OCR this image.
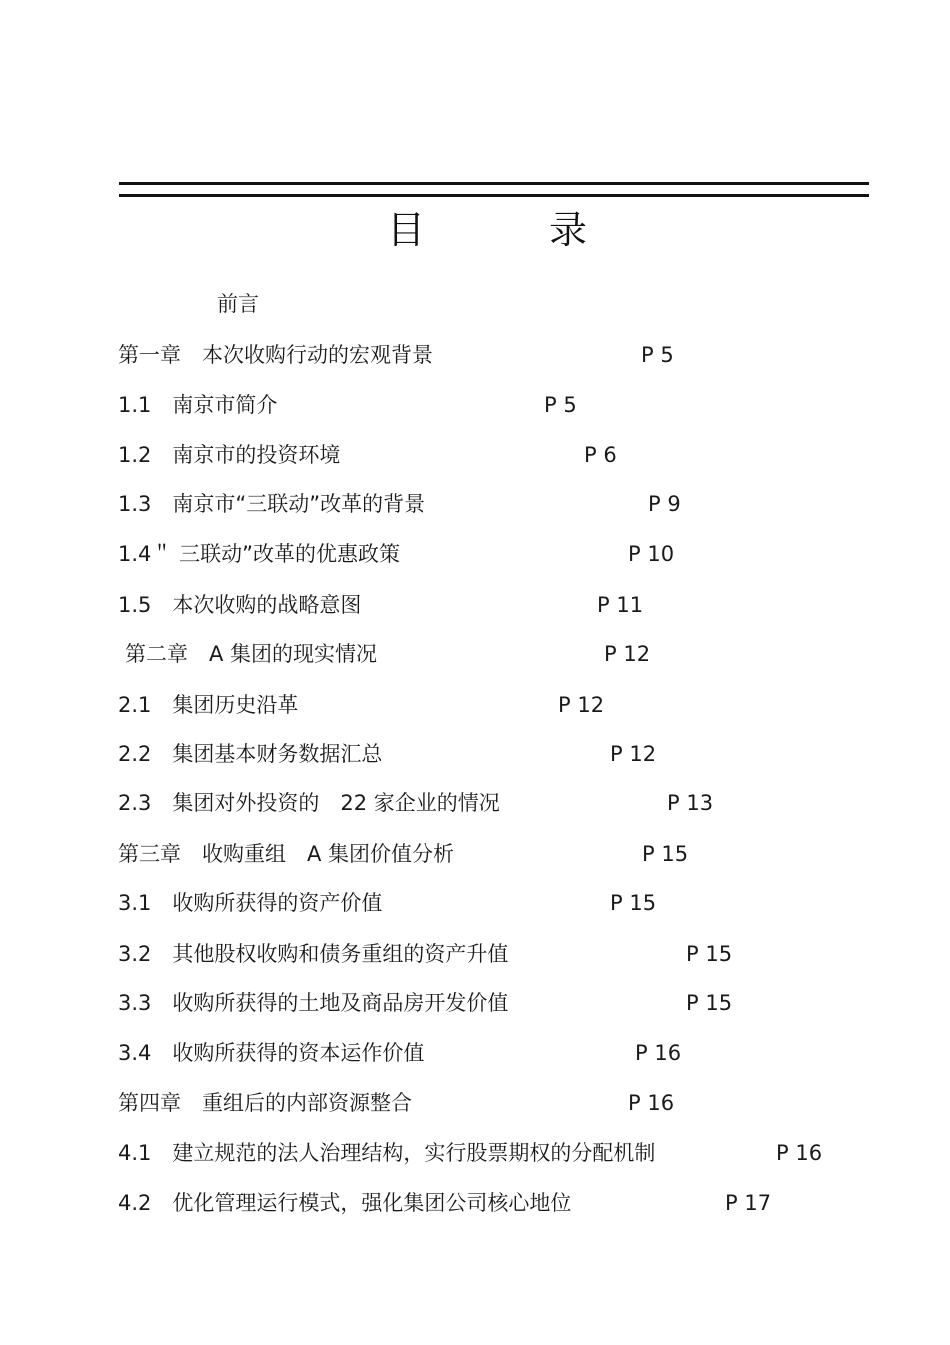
目	录
前言
第一章　本次收购行动的宏观背景	P 5
1.1　南京市简介	P 5
1.2　南京市的投资环境	P 6
1.3　南京市“三联动”改革的背景	P 9
1.4＂ 三联动”改革的优惠政策	P 10
1.5　本次收购的战略意图	P 11
第二章　A 集团的现实情况	P 12
2.1　集团历史沿革	P 12
2.2　集团基本财务数据汇总	P 12
2.3　集团对外投资的　22 家企业的情况	P 13
第三章　收购重组　A 集团价值分析	P 15
3.1　收购所获得的资产价值	P 15
3.2　其他股权收购和债务重组的资产升值	P 15
3.3　收购所获得的土地及商品房开发价值	P 15
3.4　收购所获得的资本运作价值	P 16
第四章　重组后的内部资源整合	P 16
4.1　建立规范的法人治理结构，实行股票期权的分配机制	P 16
4.2　优化管理运行模式，强化集团公司核心地位	P 17
